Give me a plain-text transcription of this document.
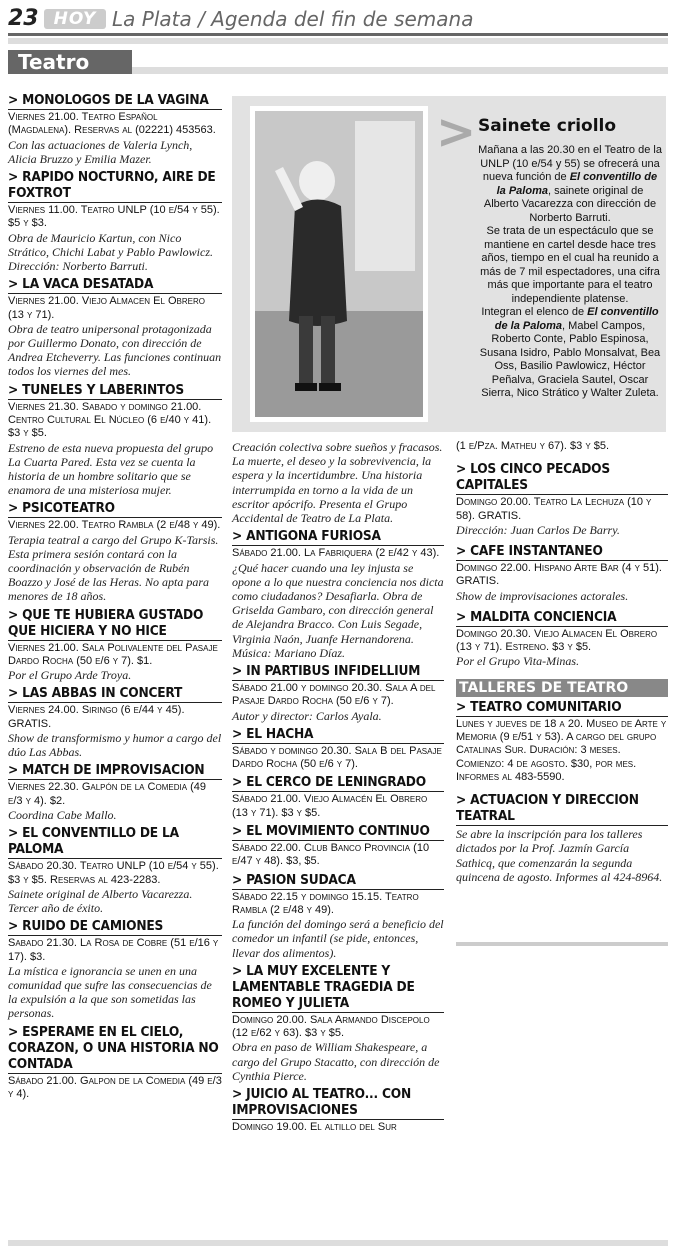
23 HOY La Plata / Agenda del fin de semana
Teatro
> MONOLOGOS DE LA VAGINA
Viernes 21.00. Teatro Español (Magdalena). Reservas al (02221) 453563.
Con las actuaciones de Valeria Lynch, Alicia Bruzzo y Emilia Mazer.
> RAPIDO NOCTURNO, AIRE DE FOXTROT
Viernes 11.00. Teatro UNLP (10 e/54 y 55). $5 y $3.
Obra de Mauricio Kartun, con Nico Strático, Chichi Labat y Pablo Pawlowicz. Dirección: Norberto Barruti.
> LA VACA DESATADA
Viernes 21.00. Viejo Almacen El Obrero (13 y 71).
Obra de teatro unipersonal protagonizada por Guillermo Donato, con dirección de Andrea Etcheverry. Las funciones continuan todos los viernes del mes.
> TUNELES Y LABERINTOS
Viernes 21.30. Sabado y domingo 21.00. Centro Cultural El Núcleo (6 e/40 y 41). $3 y $5.
Estreno de esta nueva propuesta del grupo La Cuarta Pared. Esta vez se cuenta la historia de un hombre solitario que se enamora de una misteriosa mujer.
> PSICOTEATRO
Viernes 22.00. Teatro Rambla (2 e/48 y 49).
Terapia teatral a cargo del Grupo K-Tarsis. Esta primera sesión contará con la coordinación y observación de Rubén Boazzo y José de las Heras. No apta para menores de 18 años.
> QUE TE HUBIERA GUSTADO QUE HICIERA Y NO HICE
Viernes 21.00. Sala Polivalente del Pasaje Dardo Rocha (50 e/6 y 7). $1.
Por el Grupo Arde Troya.
> LAS ABBAS IN CONCERT
Viernes 24.00. Siringo (6 e/44 y 45). GRATIS.
Show de transformismo y humor a cargo del dúo Las Abbas.
> MATCH DE IMPROVISACION
Viernes 22.30. Galpón de la Comedia (49 e/3 y 4). $2.
Coordina Cabe Mallo.
> EL CONVENTILLO DE LA PALOMA
Sábado 20.30. Teatro UNLP (10 e/54 y 55). $3 y $5. Reservas al 423-2283.
Sainete original de Alberto Vacarezza. Tercer año de éxito.
> RUIDO DE CAMIONES
Sabado 21.30. La Rosa de Cobre (51 e/16 y 17). $3.
La mística e ignorancia se unen en una comunidad que sufre las consecuencias de la expulsión a la que son sometidas las personas.
> ESPERAME EN EL CIELO, CORAZON, O UNA HISTORIA NO CONTADA
Sábado 21.00. Galpon de la Comedia (49 e/3 y 4).
> Sainete criollo
Mañana a las 20.30 en el Teatro de la UNLP (10 e/54 y 55) se ofrecerá una nueva función de El conventillo de la Paloma, sainete original de Alberto Vacarezza con dirección de Norberto Barruti.
Se trata de un espectáculo que se mantiene en cartel desde hace tres años, tiempo en el cual ha reunido a más de 7 mil espectadores, una cifra más que importante para el teatro independiente platense.
Integran el elenco de El conventillo de la Paloma, Mabel Campos, Roberto Conte, Pablo Espinosa, Susana Isidro, Pablo Monsalvat, Bea Oss, Basilio Pawlowicz, Héctor Peñalva, Graciela Sautel, Oscar Sierra, Nico Strático y Walter Zuleta.
Creación colectiva sobre sueños y fracasos. La muerte, el deseo y la sobrevivencia, la espera y la incertidumbre. Una historia interrumpida en torno a la vida de un escritor apócrifo. Presenta el Grupo Accidental de Teatro de La Plata.
> ANTIGONA FURIOSA
Sábado 21.00. La Fabriquera (2 e/42 y 43).
¿Qué hacer cuando una ley injusta se opone a lo que nuestra conciencia nos dicta como ciudadanos? Desafiarla. Obra de Griselda Gambaro, con dirección general de Alejandra Bracco. Con Luis Segade, Virginia Naón, Juanfe Hernandorena. Música: Mariano Díaz.
> IN PARTIBUS INFIDELLIUM
Sábado 21.00 y domingo 20.30. Sala A del Pasaje Dardo Rocha (50 e/6 y 7).
Autor y director: Carlos Ayala.
> EL HACHA
Sábado y domingo 20.30. Sala B del Pasaje Dardo Rocha (50 e/6 y 7).
> EL CERCO DE LENINGRADO
Sábado 21.00. Viejo Almacén El Obrero (13 y 71). $3 y $5.
> EL MOVIMIENTO CONTINUO
Sábado 22.00. Club Banco Provincia (10 e/47 y 48). $3, $5.
> PASION SUDACA
Sábado 22.15 y domingo 15.15. Teatro Rambla (2 e/48 y 49).
La función del domingo será a beneficio del comedor un infantil (se pide, entonces, llevar dos alimentos).
> LA MUY EXCELENTE Y LAMENTABLE TRAGEDIA DE ROMEO Y JULIETA
Domingo 20.00. Sala Armando Discepolo (12 e/62 y 63). $3 y $5.
Obra en paso de William Shakespeare, a cargo del Grupo Stacatto, con dirección de Cynthia Pierce.
> JUICIO AL TEATRO... CON IMPROVISACIONES
Domingo 19.00. El altillo del Sur
(1 e/Pza. Matheu y 67). $3 y $5.
> LOS CINCO PECADOS CAPITALES
Domingo 20.00. Teatro La Lechuza (10 y 58). GRATIS.
Dirección: Juan Carlos De Barry.
> CAFE INSTANTANEO
Domingo 22.00. Hispano Arte Bar (4 y 51). GRATIS.
Show de improvisaciones actorales.
> MALDITA CONCIENCIA
Domingo 20.30. Viejo Almacen El Obrero (13 y 71). Estreno. $3 y $5.
Por el Grupo Vita-Minas.
TALLERES DE TEATRO
> TEATRO COMUNITARIO
Lunes y jueves de 18 a 20. Museo de Arte y Memoria (9 e/51 y 53). A cargo del grupo Catalinas Sur. Duración: 3 meses. Comienzo: 4 de agosto. $30, por mes. Informes al 483-5590.
> ACTUACION Y DIRECCION TEATRAL
Se abre la inscripción para los talleres dictados por la Prof. Jazmín García Sathicq, que comenzarán la segunda quincena de agosto. Informes al 424-8964.
